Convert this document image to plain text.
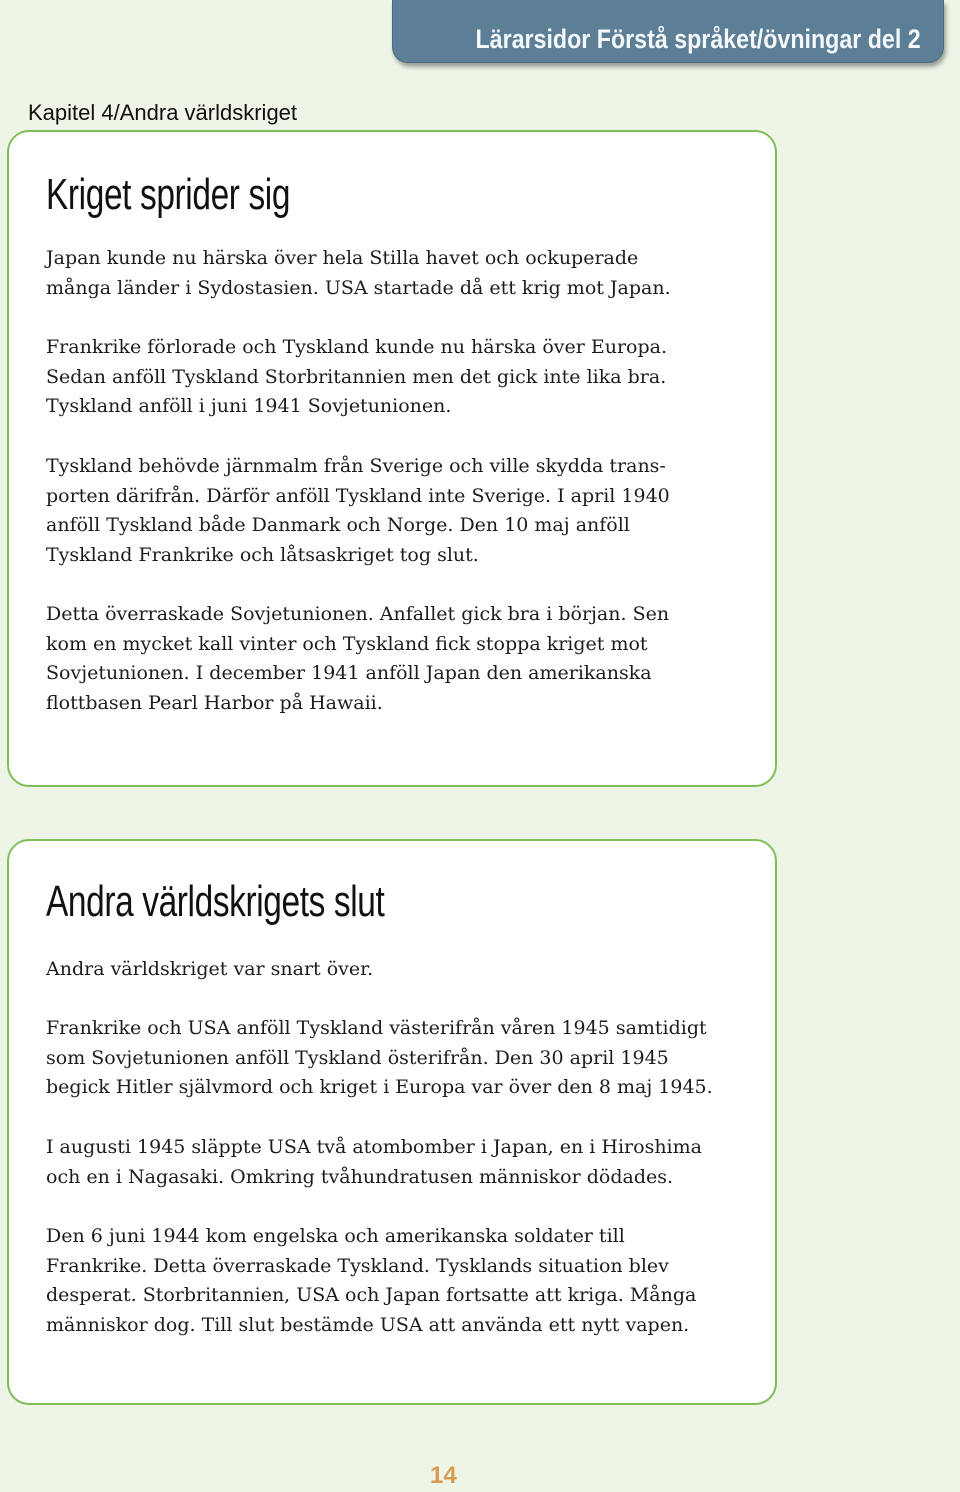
Lärarsidor Förstå språket/övningar del 2
Kapitel 4/Andra världskriget
Kriget sprider sig

Japan kunde nu härska över hela Stilla havet och ockuperade
många länder i Sydostasien. USA startade då ett krig mot Japan.

Frankrike förlorade och Tyskland kunde nu härska över Europa.
Sedan anföll Tyskland Storbritannien men det gick inte lika bra.
Tyskland anföll i juni 1941 Sovjetunionen.

Tyskland behövde järnmalm från Sverige och ville skydda trans-
porten därifrån. Därför anföll Tyskland inte Sverige. I april 1940
anföll Tyskland både Danmark och Norge. Den 10 maj anföll
Tyskland Frankrike och låtsaskriget tog slut.

Detta överraskade Sovjetunionen. Anfallet gick bra i början. Sen
kom en mycket kall vinter och Tyskland fick stoppa kriget mot
Sovjetunionen. I december 1941 anföll Japan den amerikanska
flottbasen Pearl Harbor på Hawaii.

Andra världskrigets slut

Andra världskriget var snart över.

Frankrike och USA anföll Tyskland västerifrån våren 1945 samtidigt
som Sovjetunionen anföll Tyskland österifrån. Den 30 april 1945
begick Hitler självmord och kriget i Europa var över den 8 maj 1945.

I augusti 1945 släppte USA två atombomber i Japan, en i Hiroshima
och en i Nagasaki. Omkring tvåhundratusen människor dödades.

Den 6 juni 1944 kom engelska och amerikanska soldater till
Frankrike. Detta överraskade Tyskland. Tysklands situation blev
desperat. Storbritannien, USA och Japan fortsatte att kriga. Många
människor dog. Till slut bestämde USA att använda ett nytt vapen.

14
